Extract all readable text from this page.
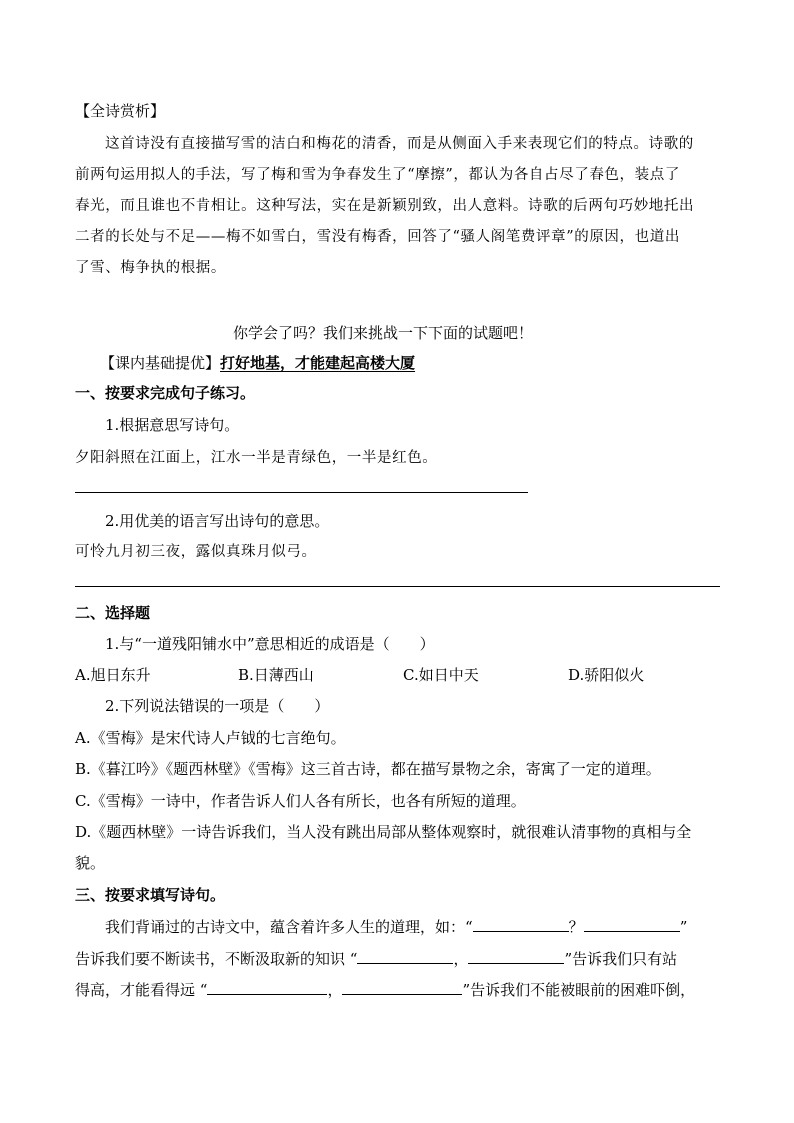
【全诗赏析】
这首诗没有直接描写雪的洁白和梅花的清香，而是从侧面入手来表现它们的特点。诗歌的
前两句运用拟人的手法，写了梅和雪为争春发生了“摩擦”，都认为各自占尽了春色，装点了
春光，而且谁也不肯相让。这种写法，实在是新颖别致，出人意料。诗歌的后两句巧妙地托出
二者的长处与不足——梅不如雪白，雪没有梅香，回答了“骚人阁笔费评章”的原因，也道出
了雪、梅争执的根据。
你学会了吗？我们来挑战一下下面的试题吧！
【课内基础提优】打好地基，才能建起高楼大厦
一、按要求完成句子练习。
1.根据意思写诗句。
夕阳斜照在江面上，江水一半是青绿色，一半是红色。
2.用优美的语言写出诗句的意思。
可怜九月初三夜，露似真珠月似弓。
二、选择题
1.与“一道残阳铺水中”意思相近的成语是（　　）
A.旭日东升	B.日薄西山	C.如日中天	D.骄阳似火
2.下列说法错误的一项是（　　）
A.《雪梅》是宋代诗人卢钺的七言绝句。
B.《暮江吟》《题西林壁》《雪梅》这三首古诗，都在描写景物之余，寄寓了一定的道理。
C.《雪梅》一诗中，作者告诉人们人各有所长，也各有所短的道理。
D.《题西林壁》一诗告诉我们，当人没有跳出局部从整体观察时，就很难认清事物的真相与全
貌。
三、按要求填写诗句。
我们背诵过的古诗文中，蕴含着许多人生的道理，如：“	？	”
告诉我们要不断读书，不断汲取新的知识 “	，	”告诉我们只有站
得高，才能看得远 “	，	”告诉我们不能被眼前的困难吓倒，
